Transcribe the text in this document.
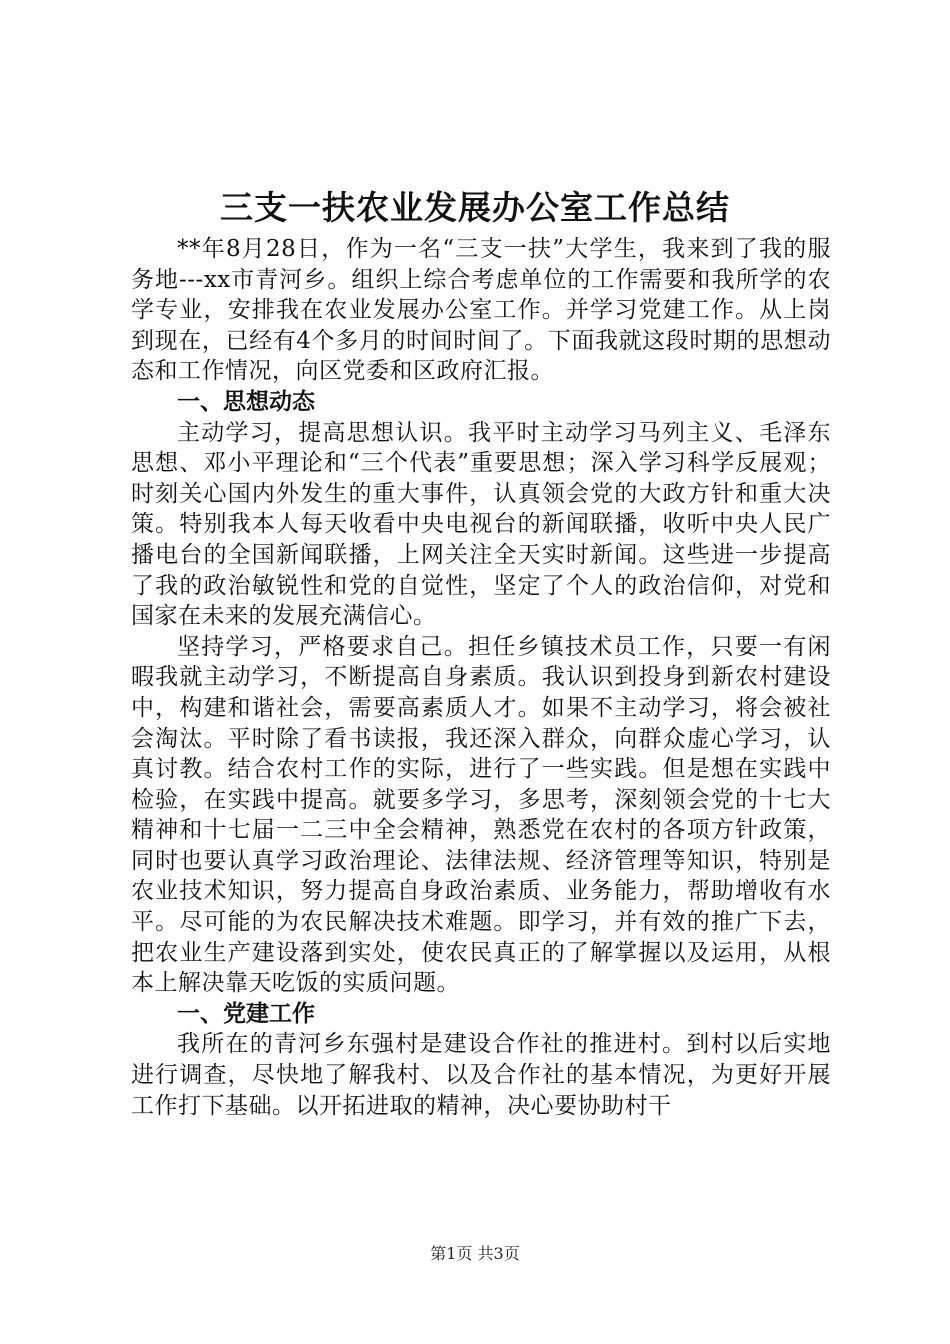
三支一扶农业发展办公室工作总结

**年8月28日，作为一名“三支一扶”大学生，我来到了我的服务地---xx市青河乡。组织上综合考虑单位的工作需要和我所学的农学专业，安排我在农业发展办公室工作。并学习党建工作。从上岗到现在，已经有4个多月的时间时间了。下面我就这段时期的思想动态和工作情况，向区党委和区政府汇报。

一、思想动态

主动学习，提高思想认识。我平时主动学习马列主义、毛泽东思想、邓小平理论和“三个代表”重要思想；深入学习科学反展观；时刻关心国内外发生的重大事件，认真领会党的大政方针和重大决策。特别我本人每天收看中央电视台的新闻联播，收听中央人民广播电台的全国新闻联播，上网关注全天实时新闻。这些进一步提高了我的政治敏锐性和党的自觉性，坚定了个人的政治信仰，对党和国家在未来的发展充满信心。

坚持学习，严格要求自己。担任乡镇技术员工作，只要一有闲暇我就主动学习，不断提高自身素质。我认识到投身到新农村建设中，构建和谐社会，需要高素质人才。如果不主动学习，将会被社会淘汰。平时除了看书读报，我还深入群众，向群众虚心学习，认真讨教。结合农村工作的实际，进行了一些实践。但是想在实践中检验，在实践中提高。就要多学习，多思考，深刻领会党的十七大精神和十七届一二三中全会精神，熟悉党在农村的各项方针政策，同时也要认真学习政治理论、法律法规、经济管理等知识，特别是农业技术知识，努力提高自身政治素质、业务能力，帮助增收有水平。尽可能的为农民解决技术难题。即学习，并有效的推广下去，把农业生产建设落到实处，使农民真正的了解掌握以及运用，从根本上解决靠天吃饭的实质问题。

一、党建工作

我所在的青河乡东强村是建设合作社的推进村。到村以后实地进行调查，尽快地了解我村、以及合作社的基本情况，为更好开展工作打下基础。以开拓进取的精神，决心要协助村干

第1页 共3页
